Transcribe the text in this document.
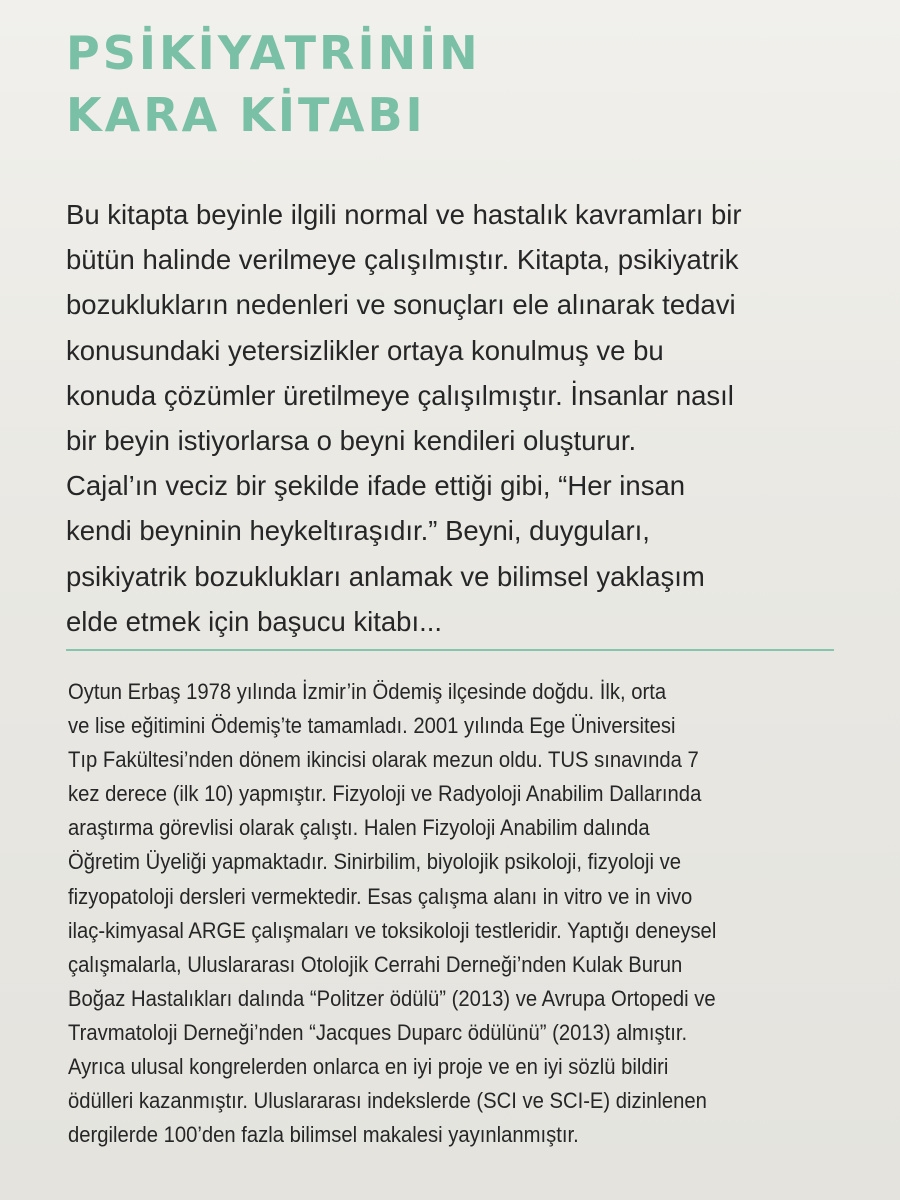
PSİKİYATRİNİN
KARA KİTABI
Bu kitapta beyinle ilgili normal ve hastalık kavramları bir
bütün halinde verilmeye çalışılmıştır. Kitapta, psikiyatrik
bozuklukların nedenleri ve sonuçları ele alınarak tedavi
konusundaki yetersizlikler ortaya konulmuş ve bu
konuda çözümler üretilmeye çalışılmıştır. İnsanlar nasıl
bir beyin istiyorlarsa o beyni kendileri oluşturur.
Cajal’ın veciz bir şekilde ifade ettiği gibi, “Her insan
kendi beyninin heykeltıraşıdır.” Beyni, duyguları,
psikiyatrik bozuklukları anlamak ve bilimsel yaklaşım
elde etmek için başucu kitabı...
Oytun Erbaş 1978 yılında İzmir’in Ödemiş ilçesinde doğdu. İlk, orta
ve lise eğitimini Ödemiş’te tamamladı. 2001 yılında Ege Üniversitesi
Tıp Fakültesi’nden dönem ikincisi olarak mezun oldu. TUS sınavında 7
kez derece (ilk 10) yapmıştır. Fizyoloji ve Radyoloji Anabilim Dallarında
araştırma görevlisi olarak çalıştı. Halen Fizyoloji Anabilim dalında
Öğretim Üyeliği yapmaktadır. Sinirbilim, biyolojik psikoloji, fizyoloji ve
fizyopatoloji dersleri vermektedir. Esas çalışma alanı in vitro ve in vivo
ilaç-kimyasal ARGE çalışmaları ve toksikoloji testleridir. Yaptığı deneysel
çalışmalarla, Uluslararası Otolojik Cerrahi Derneği’nden Kulak Burun
Boğaz Hastalıkları dalında “Politzer ödülü” (2013) ve Avrupa Ortopedi ve
Travmatoloji Derneği’nden “Jacques Duparc ödülünü” (2013) almıştır.
Ayrıca ulusal kongrelerden onlarca en iyi proje ve en iyi sözlü bildiri
ödülleri kazanmıştır. Uluslararası indekslerde (SCI ve SCI-E) dizinlenen
dergilerde 100’den fazla bilimsel makalesi yayınlanmıştır.
